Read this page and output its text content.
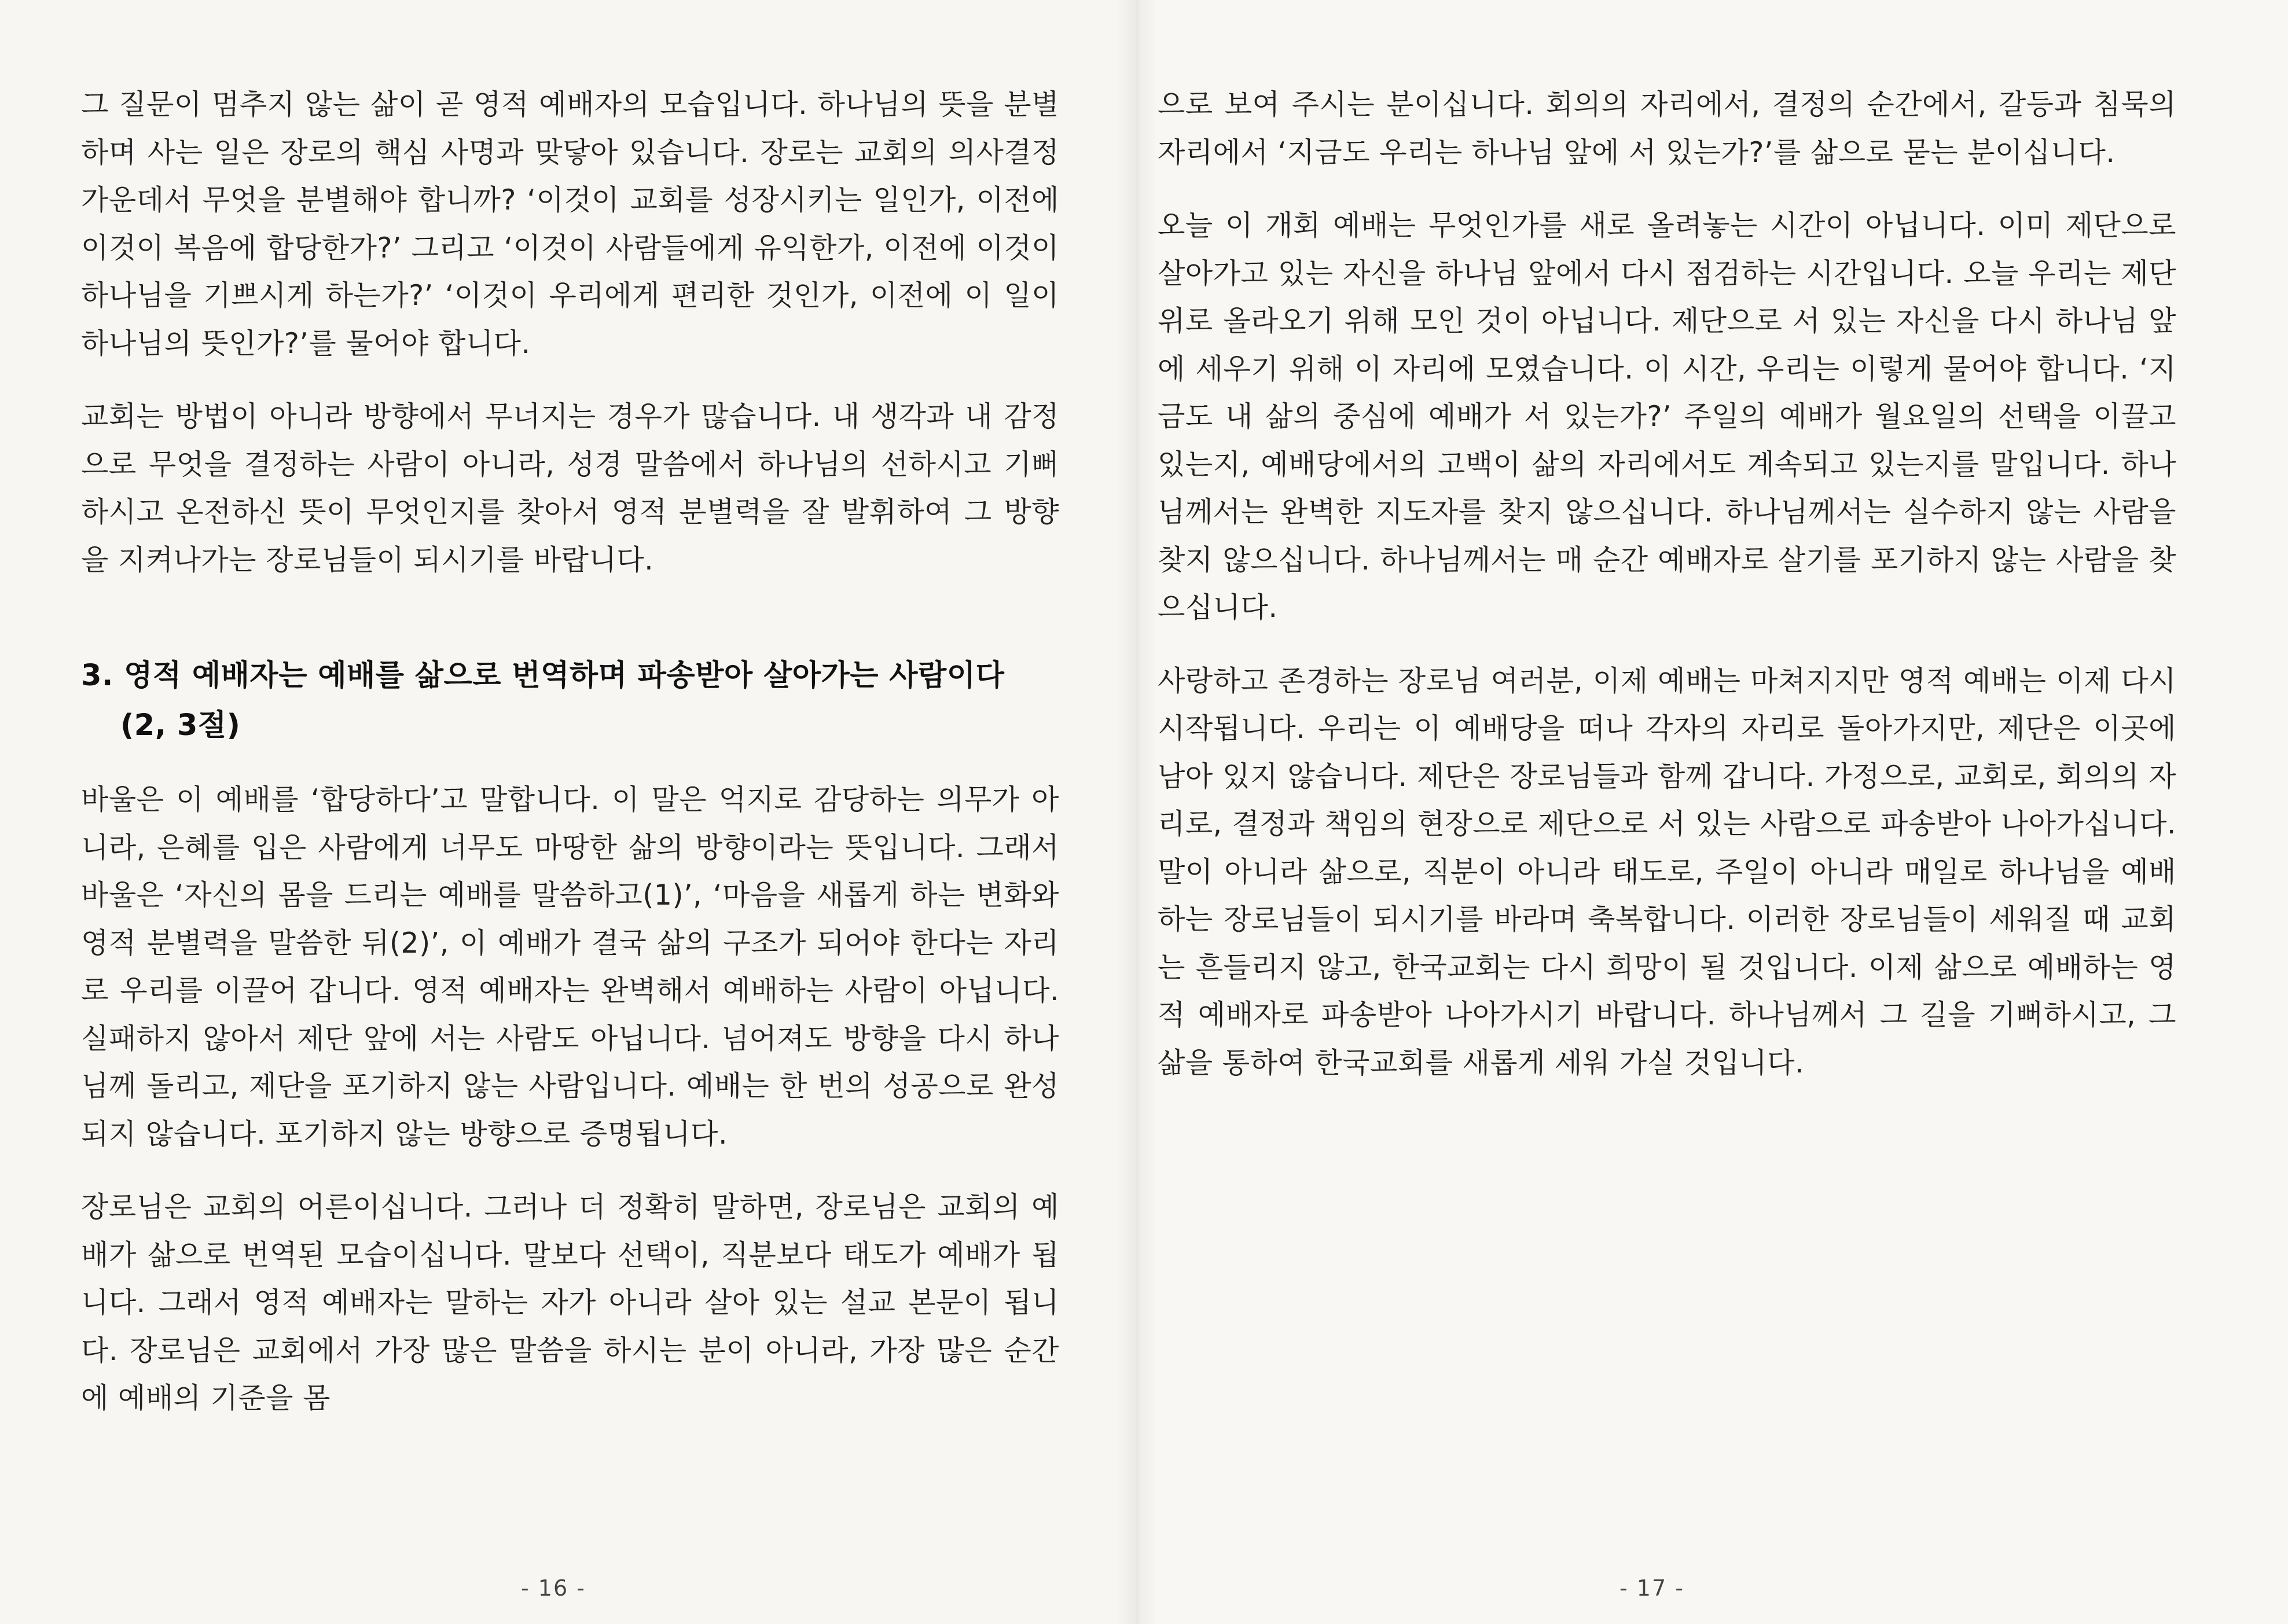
그 질문이 멈추지 않는 삶이 곧 영적 예배자의 모습입니다. 하나님의 뜻을 분별하며 사는 일은 장로의 핵심 사명과 맞닿아 있습니다. 장로는 교회의 의사결정 가운데서 무엇을 분별해야 합니까? ‘이것이 교회를 성장시키는 일인가, 이전에 이것이 복음에 합당한가?’ 그리고 ‘이것이 사람들에게 유익한가, 이전에 이것이 하나님을 기쁘시게 하는가?’ ‘이것이 우리에게 편리한 것인가, 이전에 이 일이 하나님의 뜻인가?’를 물어야 합니다.

교회는 방법이 아니라 방향에서 무너지는 경우가 많습니다. 내 생각과 내 감정으로 무엇을 결정하는 사람이 아니라, 성경 말씀에서 하나님의 선하시고 기뻐하시고 온전하신 뜻이 무엇인지를 찾아서 영적 분별력을 잘 발휘하여 그 방향을 지켜나가는 장로님들이 되시기를 바랍니다.

3. 영적 예배자는 예배를 삶으로 번역하며 파송받아 살아가는 사람이다
(2, 3절)

바울은 이 예배를 ‘합당하다’고 말합니다. 이 말은 억지로 감당하는 의무가 아니라, 은혜를 입은 사람에게 너무도 마땅한 삶의 방향이라는 뜻입니다. 그래서 바울은 ‘자신의 몸을 드리는 예배를 말씀하고(1)’, ‘마음을 새롭게 하는 변화와 영적 분별력을 말씀한 뒤(2)’, 이 예배가 결국 삶의 구조가 되어야 한다는 자리로 우리를 이끌어 갑니다. 영적 예배자는 완벽해서 예배하는 사람이 아닙니다. 실패하지 않아서 제단 앞에 서는 사람도 아닙니다. 넘어져도 방향을 다시 하나님께 돌리고, 제단을 포기하지 않는 사람입니다. 예배는 한 번의 성공으로 완성되지 않습니다. 포기하지 않는 방향으로 증명됩니다.

장로님은 교회의 어른이십니다. 그러나 더 정확히 말하면, 장로님은 교회의 예배가 삶으로 번역된 모습이십니다. 말보다 선택이, 직분보다 태도가 예배가 됩니다. 그래서 영적 예배자는 말하는 자가 아니라 살아 있는 설교 본문이 됩니다. 장로님은 교회에서 가장 많은 말씀을 하시는 분이 아니라, 가장 많은 순간에 예배의 기준을 몸

- 16 -

으로 보여 주시는 분이십니다. 회의의 자리에서, 결정의 순간에서, 갈등과 침묵의 자리에서 ‘지금도 우리는 하나님 앞에 서 있는가?’를 삶으로 묻는 분이십니다.

오늘 이 개회 예배는 무엇인가를 새로 올려놓는 시간이 아닙니다. 이미 제단으로 살아가고 있는 자신을 하나님 앞에서 다시 점검하는 시간입니다. 오늘 우리는 제단 위로 올라오기 위해 모인 것이 아닙니다. 제단으로 서 있는 자신을 다시 하나님 앞에 세우기 위해 이 자리에 모였습니다. 이 시간, 우리는 이렇게 물어야 합니다. ‘지금도 내 삶의 중심에 예배가 서 있는가?’ 주일의 예배가 월요일의 선택을 이끌고 있는지, 예배당에서의 고백이 삶의 자리에서도 계속되고 있는지를 말입니다. 하나님께서는 완벽한 지도자를 찾지 않으십니다. 하나님께서는 실수하지 않는 사람을 찾지 않으십니다. 하나님께서는 매 순간 예배자로 살기를 포기하지 않는 사람을 찾으십니다.

사랑하고 존경하는 장로님 여러분, 이제 예배는 마쳐지지만 영적 예배는 이제 다시 시작됩니다. 우리는 이 예배당을 떠나 각자의 자리로 돌아가지만, 제단은 이곳에 남아 있지 않습니다. 제단은 장로님들과 함께 갑니다. 가정으로, 교회로, 회의의 자리로, 결정과 책임의 현장으로 제단으로 서 있는 사람으로 파송받아 나아가십니다. 말이 아니라 삶으로, 직분이 아니라 태도로, 주일이 아니라 매일로 하나님을 예배하는 장로님들이 되시기를 바라며 축복합니다. 이러한 장로님들이 세워질 때 교회는 흔들리지 않고, 한국교회는 다시 희망이 될 것입니다. 이제 삶으로 예배하는 영적 예배자로 파송받아 나아가시기 바랍니다. 하나님께서 그 길을 기뻐하시고, 그 삶을 통하여 한국교회를 새롭게 세워 가실 것입니다.

- 17 -
